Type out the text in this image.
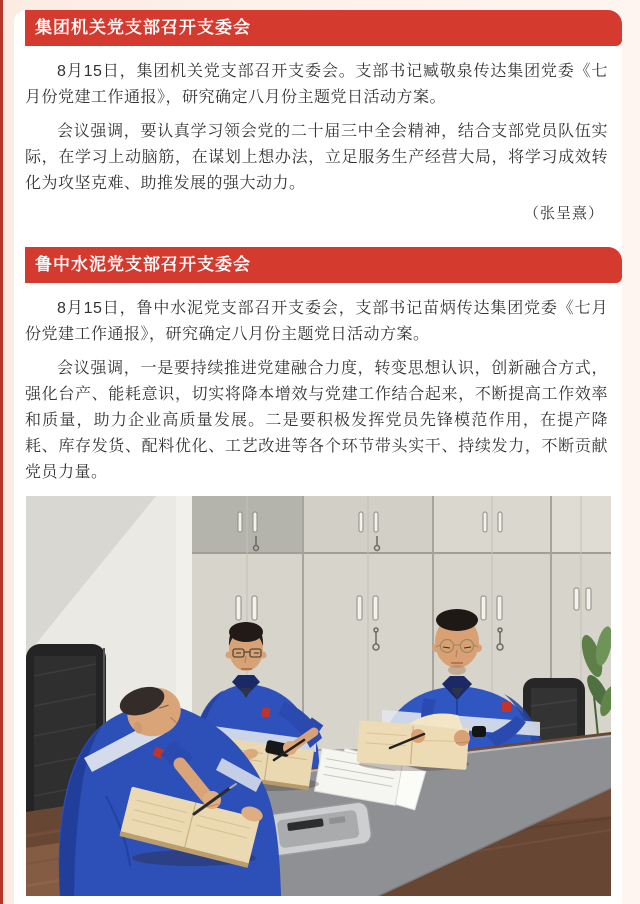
集团机关党支部召开支委会

8月15日，集团机关党支部召开支委会。支部书记臧敬泉传达集团党委《七月份党建工作通报》，研究确定八月份主题党日活动方案。

会议强调，要认真学习领会党的二十届三中全会精神，结合支部党员队伍实际，在学习上动脑筋，在谋划上想办法，立足服务生产经营大局，将学习成效转化为攻坚克难、助推发展的强大动力。

（张呈熹）
鲁中水泥党支部召开支委会

8月15日，鲁中水泥党支部召开支委会，支部书记苗炳传达集团党委《七月份党建工作通报》，研究确定八月份主题党日活动方案。

会议强调，一是要持续推进党建融合力度，转变思想认识，创新融合方式，强化台产、能耗意识，切实将降本增效与党建工作结合起来，不断提高工作效率和质量，助力企业高质量发展。二是要积极发挥党员先锋模范作用，在提产降耗、库存发货、配料优化、工艺改进等各个环节带头实干、持续发力，不断贡献党员力量。
